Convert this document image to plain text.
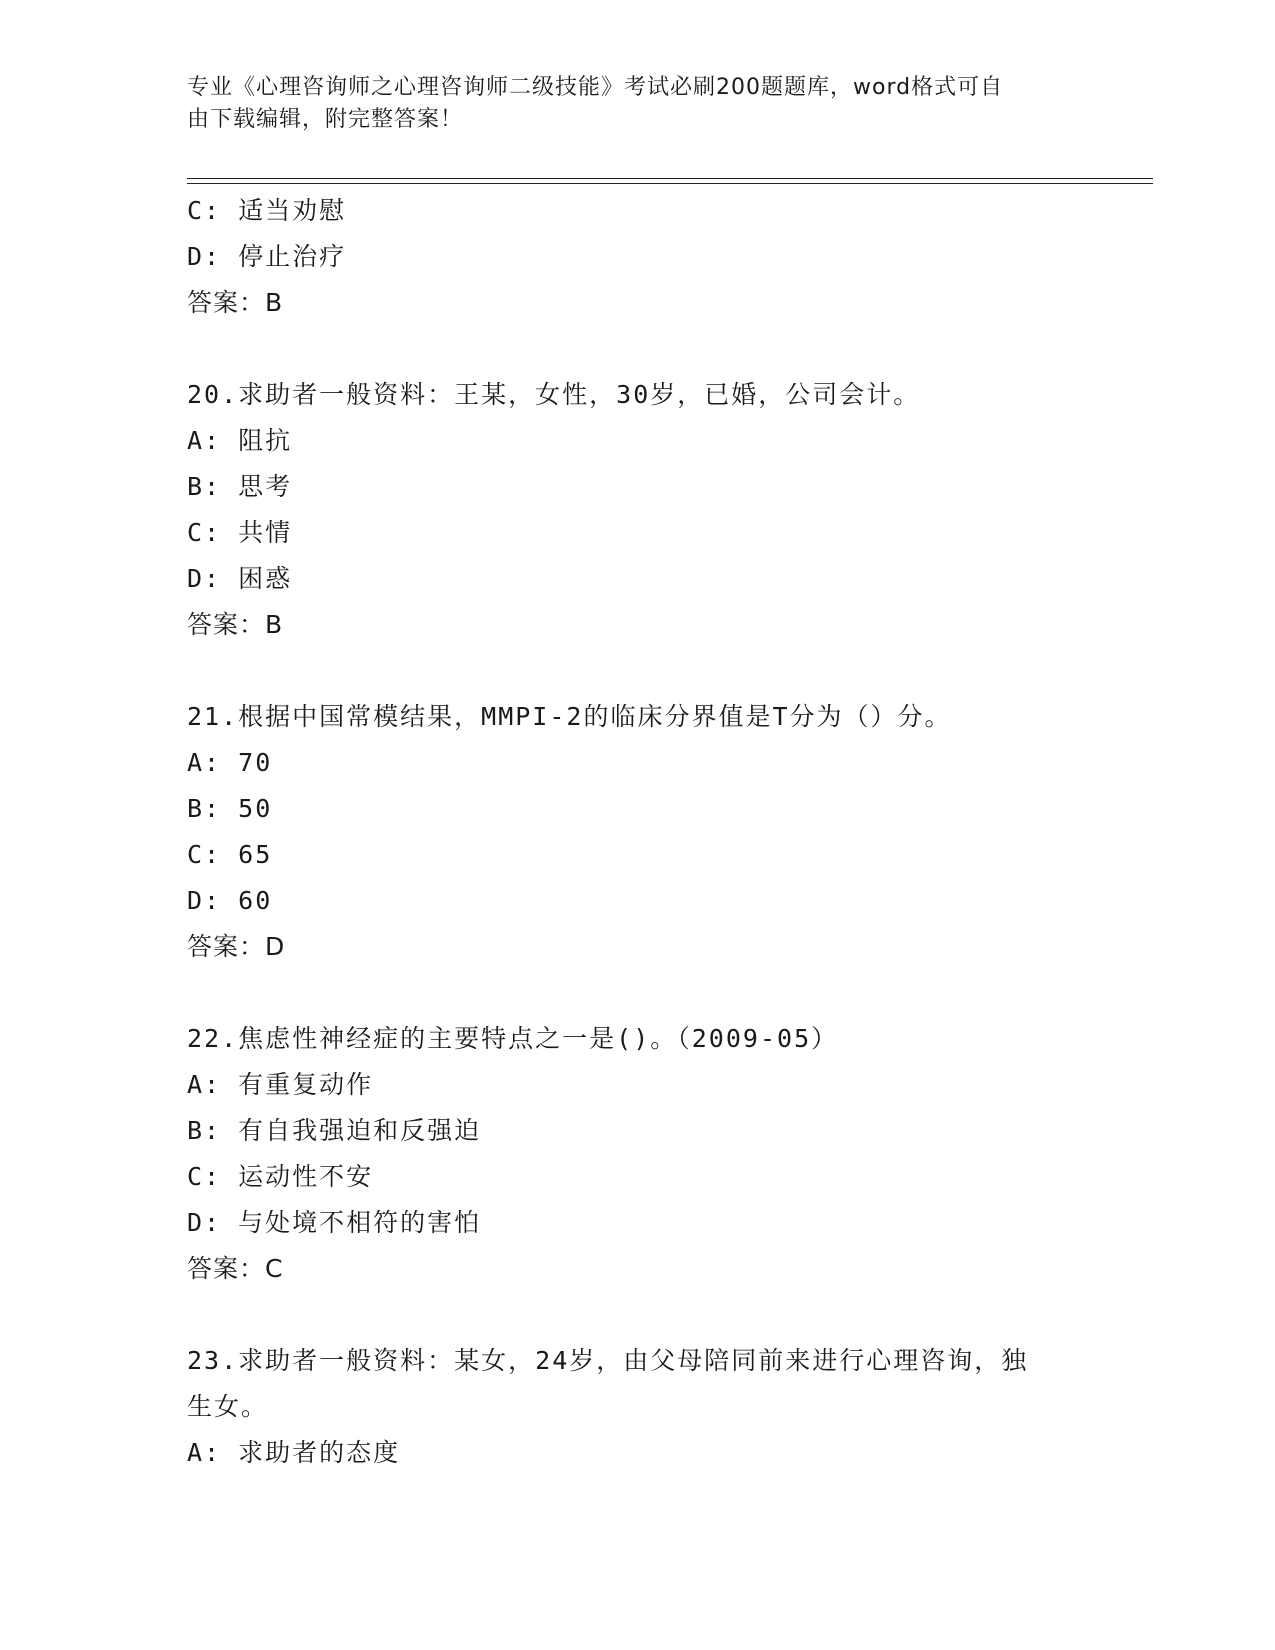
专业《心理咨询师之心理咨询师二级技能》考试必刷200题题库，word格式可自
由下载编辑，附完整答案！
C: 适当劝慰
D: 停止治疗
答案：B
20.求助者一般资料：王某，女性，30岁，已婚，公司会计。
A: 阻抗
B: 思考
C: 共情
D: 困惑
答案：B
21.根据中国常模结果，MMPI-2的临床分界值是T分为（）分。
A: 70
B: 50
C: 65
D: 60
答案：D
22.焦虑性神经症的主要特点之一是()。（2009-05）
A: 有重复动作
B: 有自我强迫和反强迫
C: 运动性不安
D: 与处境不相符的害怕
答案：C
23.求助者一般资料：某女，24岁，由父母陪同前来进行心理咨询，独
生女。
A: 求助者的态度
